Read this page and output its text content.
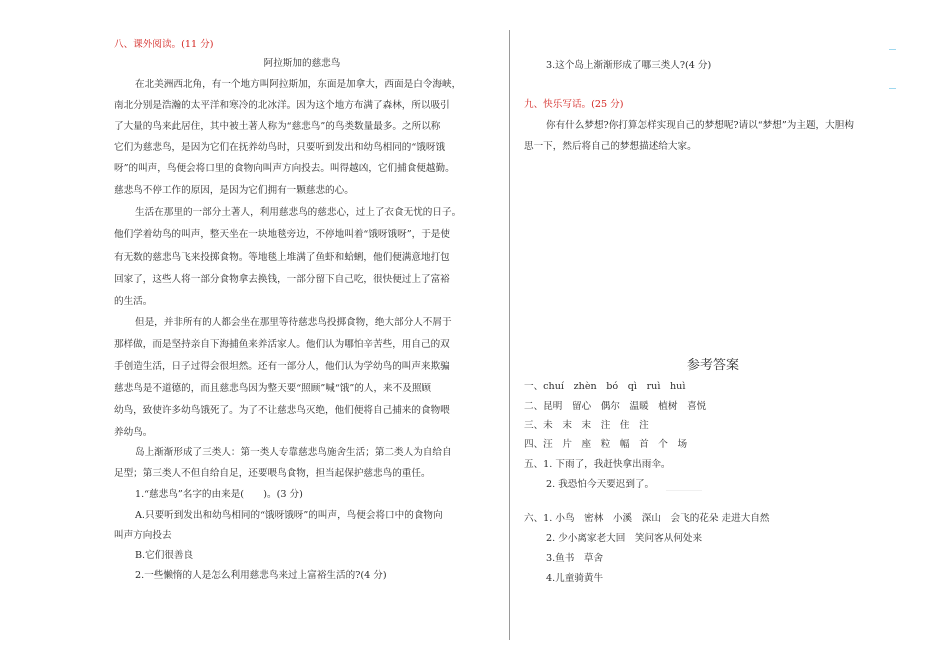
八、课外阅读。(11 分)
阿拉斯加的慈悲鸟
在北美洲西北角，有一个地方叫阿拉斯加，东面是加拿大，西面是白令海峡，
南北分别是浩瀚的太平洋和寒冷的北冰洋。因为这个地方布满了森林，所以吸引
了大量的鸟来此居住，其中被土著人称为“慈悲鸟”的鸟类数量最多。之所以称
它们为慈悲鸟，是因为它们在抚养幼鸟时，只要听到发出和幼鸟相同的“饿呀饿
呀”的叫声，鸟便会将口里的食物向叫声方向投去。叫得越凶，它们捕食便越勤。
慈悲鸟不停工作的原因，是因为它们拥有一颗慈悲的心。
生活在那里的一部分土著人，利用慈悲鸟的慈悲心，过上了衣食无忧的日子。
他们学着幼鸟的叫声，整天坐在一块地毯旁边，不停地叫着“饿呀饿呀”，于是使
有无数的慈悲鸟飞来投掷食物。等地毯上堆满了鱼虾和蛤蜊，他们便满意地打包
回家了，这些人将一部分食物拿去换钱，一部分留下自己吃，很快便过上了富裕
的生活。
但是，并非所有的人都会坐在那里等待慈悲鸟投掷食物，绝大部分人不屑于
那样做，而是坚持亲自下海捕鱼来养活家人。他们认为哪怕辛苦些，用自己的双
手创造生活，日子过得会很坦然。还有一部分人，他们认为学幼鸟的叫声来欺骗
慈悲鸟是不道德的，而且慈悲鸟因为整天要“照顾”喊“饿”的人，来不及照顾
幼鸟，致使许多幼鸟饿死了。为了不让慈悲鸟灭绝，他们便将自己捕来的食物喂
养幼鸟。
岛上渐渐形成了三类人：第一类人专靠慈悲鸟施舍生活；第二类人为自给自
足型；第三类人不但自给自足，还要喂鸟食物，担当起保护慈悲鸟的重任。
1.“慈悲鸟”名字的由来是(　　)。(3 分)
A.只要听到发出和幼鸟相同的“饿呀饿呀”的叫声，鸟便会将口中的食物向
叫声方向投去
B.它们很善良
2.一些懒惰的人是怎么利用慈悲鸟来过上富裕生活的?(4 分)
3.这个岛上渐渐形成了哪三类人?(4 分)
九、快乐写话。(25 分)
你有什么梦想?你打算怎样实现自己的梦想呢?请以“梦想”为主题，大胆构
思一下，然后将自己的梦想描述给大家。
参考答案
一、chuí　zhèn　bó　qì　ruì　huì
二、昆明　留心　偶尔　温暖　植树　喜悦
三、未　末　末　注　住　注
四、汪　片　座　粒　幅　首　个　场
五、1. 下雨了，我赶快拿出雨伞。
2. 我恐怕今天要迟到了。 ………………
六、1. 小鸟　密林　小溪　深山　会飞的花朵 走进大自然
2. 少小离家老大回　笑问客从何处来
3.鱼书　草舍
4.儿童骑黄牛
